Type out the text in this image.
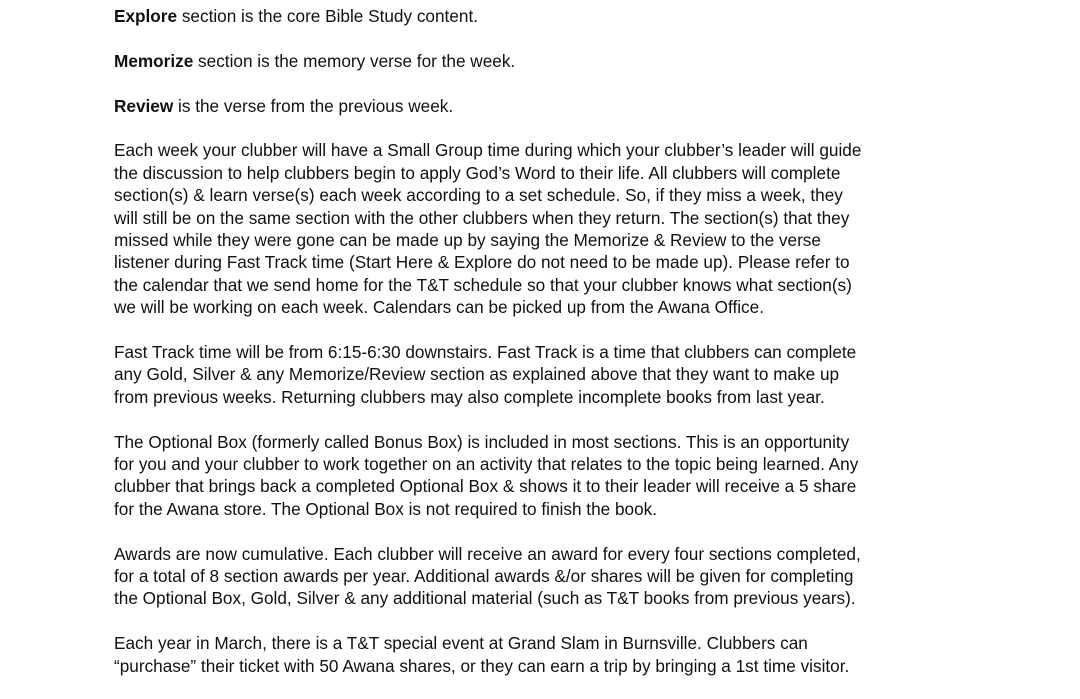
Explore section is the core Bible Study content.

Memorize section is the memory verse for the week.

Review is the verse from the previous week.

Each week your clubber will have a Small Group time during which your clubber’s leader will guide
the discussion to help clubbers begin to apply God’s Word to their life. All clubbers will complete
section(s) & learn verse(s) each week according to a set schedule. So, if they miss a week, they
will still be on the same section with the other clubbers when they return. The section(s) that they
missed while they were gone can be made up by saying the Memorize & Review to the verse
listener during Fast Track time (Start Here & Explore do not need to be made up). Please refer to
the calendar that we send home for the T&T schedule so that your clubber knows what section(s)
we will be working on each week. Calendars can be picked up from the Awana Office.

Fast Track time will be from 6:15-6:30 downstairs. Fast Track is a time that clubbers can complete
any Gold, Silver & any Memorize/Review section as explained above that they want to make up
from previous weeks. Returning clubbers may also complete incomplete books from last year.

The Optional Box (formerly called Bonus Box) is included in most sections. This is an opportunity
for you and your clubber to work together on an activity that relates to the topic being learned. Any
clubber that brings back a completed Optional Box & shows it to their leader will receive a 5 share
for the Awana store. The Optional Box is not required to finish the book.

Awards are now cumulative. Each clubber will receive an award for every four sections completed,
for a total of 8 section awards per year. Additional awards &/or shares will be given for completing
the Optional Box, Gold, Silver & any additional material (such as T&T books from previous years).

Each year in March, there is a T&T special event at Grand Slam in Burnsville. Clubbers can
“purchase” their ticket with 50 Awana shares, or they can earn a trip by bringing a 1st time visitor.
